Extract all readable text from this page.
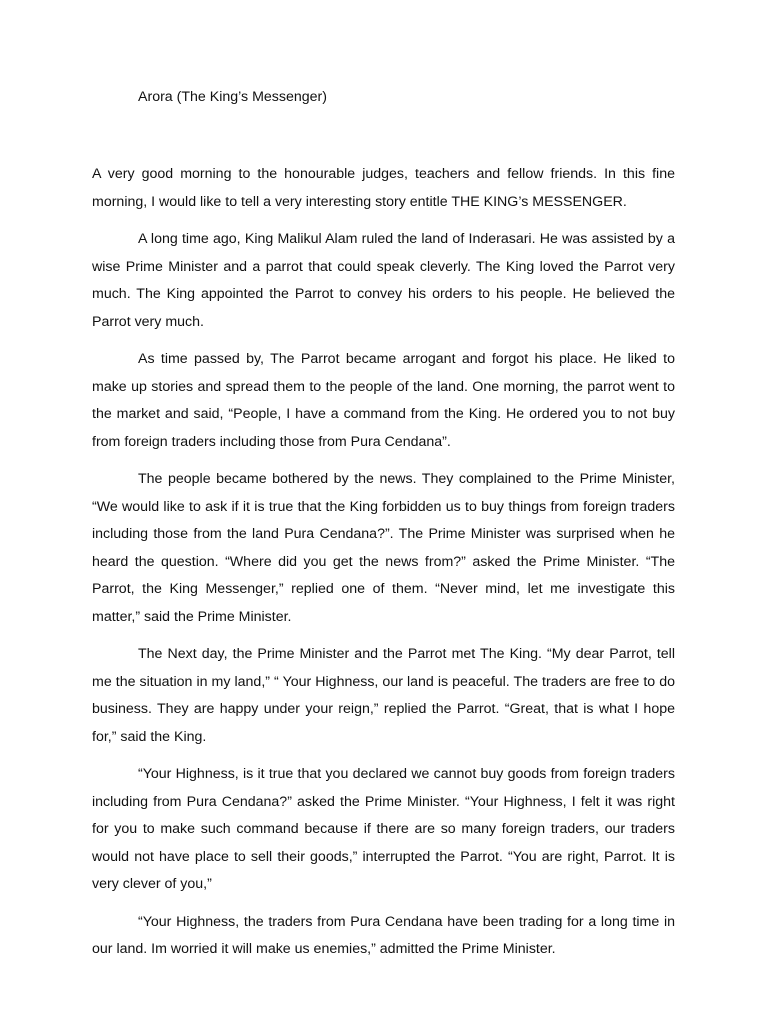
Arora (The King’s Messenger)

A very good morning to the honourable judges, teachers and fellow friends. In this fine morning, I would like to tell a very interesting story entitle THE KING’s MESSENGER.

A long time ago, King Malikul Alam ruled the land of Inderasari. He was assisted by a wise Prime Minister and a parrot that could speak cleverly. The King loved the Parrot very much. The King appointed the Parrot to convey his orders to his people. He believed the Parrot very much.

As time passed by, The Parrot became arrogant and forgot his place. He liked to make up stories and spread them to the people of the land. One morning, the parrot went to the market and said, “People, I have a command from the King. He ordered you to not buy from foreign traders including those from Pura Cendana”.

The people became bothered by the news. They complained to the Prime Minister, “We would like to ask if it is true that the King forbidden us to buy things from foreign traders including those from the land Pura Cendana?”. The Prime Minister was surprised when he heard the question. “Where did you get the news from?” asked the Prime Minister. “The Parrot, the King Messenger,” replied one of them. “Never mind, let me investigate this matter,” said the Prime Minister.

The Next day, the Prime Minister and the Parrot met The King. “My dear Parrot, tell me the situation in my land,” “ Your Highness, our land is peaceful. The traders are free to do business. They are happy under your reign,” replied the Parrot. “Great, that is what I hope for,” said the King.

“Your Highness, is it true that you declared we cannot buy goods from foreign traders including from Pura Cendana?” asked the Prime Minister. “Your Highness, I felt it was right for you to make such command because if there are so many foreign traders, our traders would not have place to sell their goods,” interrupted the Parrot. “You are right, Parrot. It is very clever of you,”

“Your Highness, the traders from Pura Cendana have been trading for a long time in our land. Im worried it will make us enemies,” admitted the Prime Minister.
